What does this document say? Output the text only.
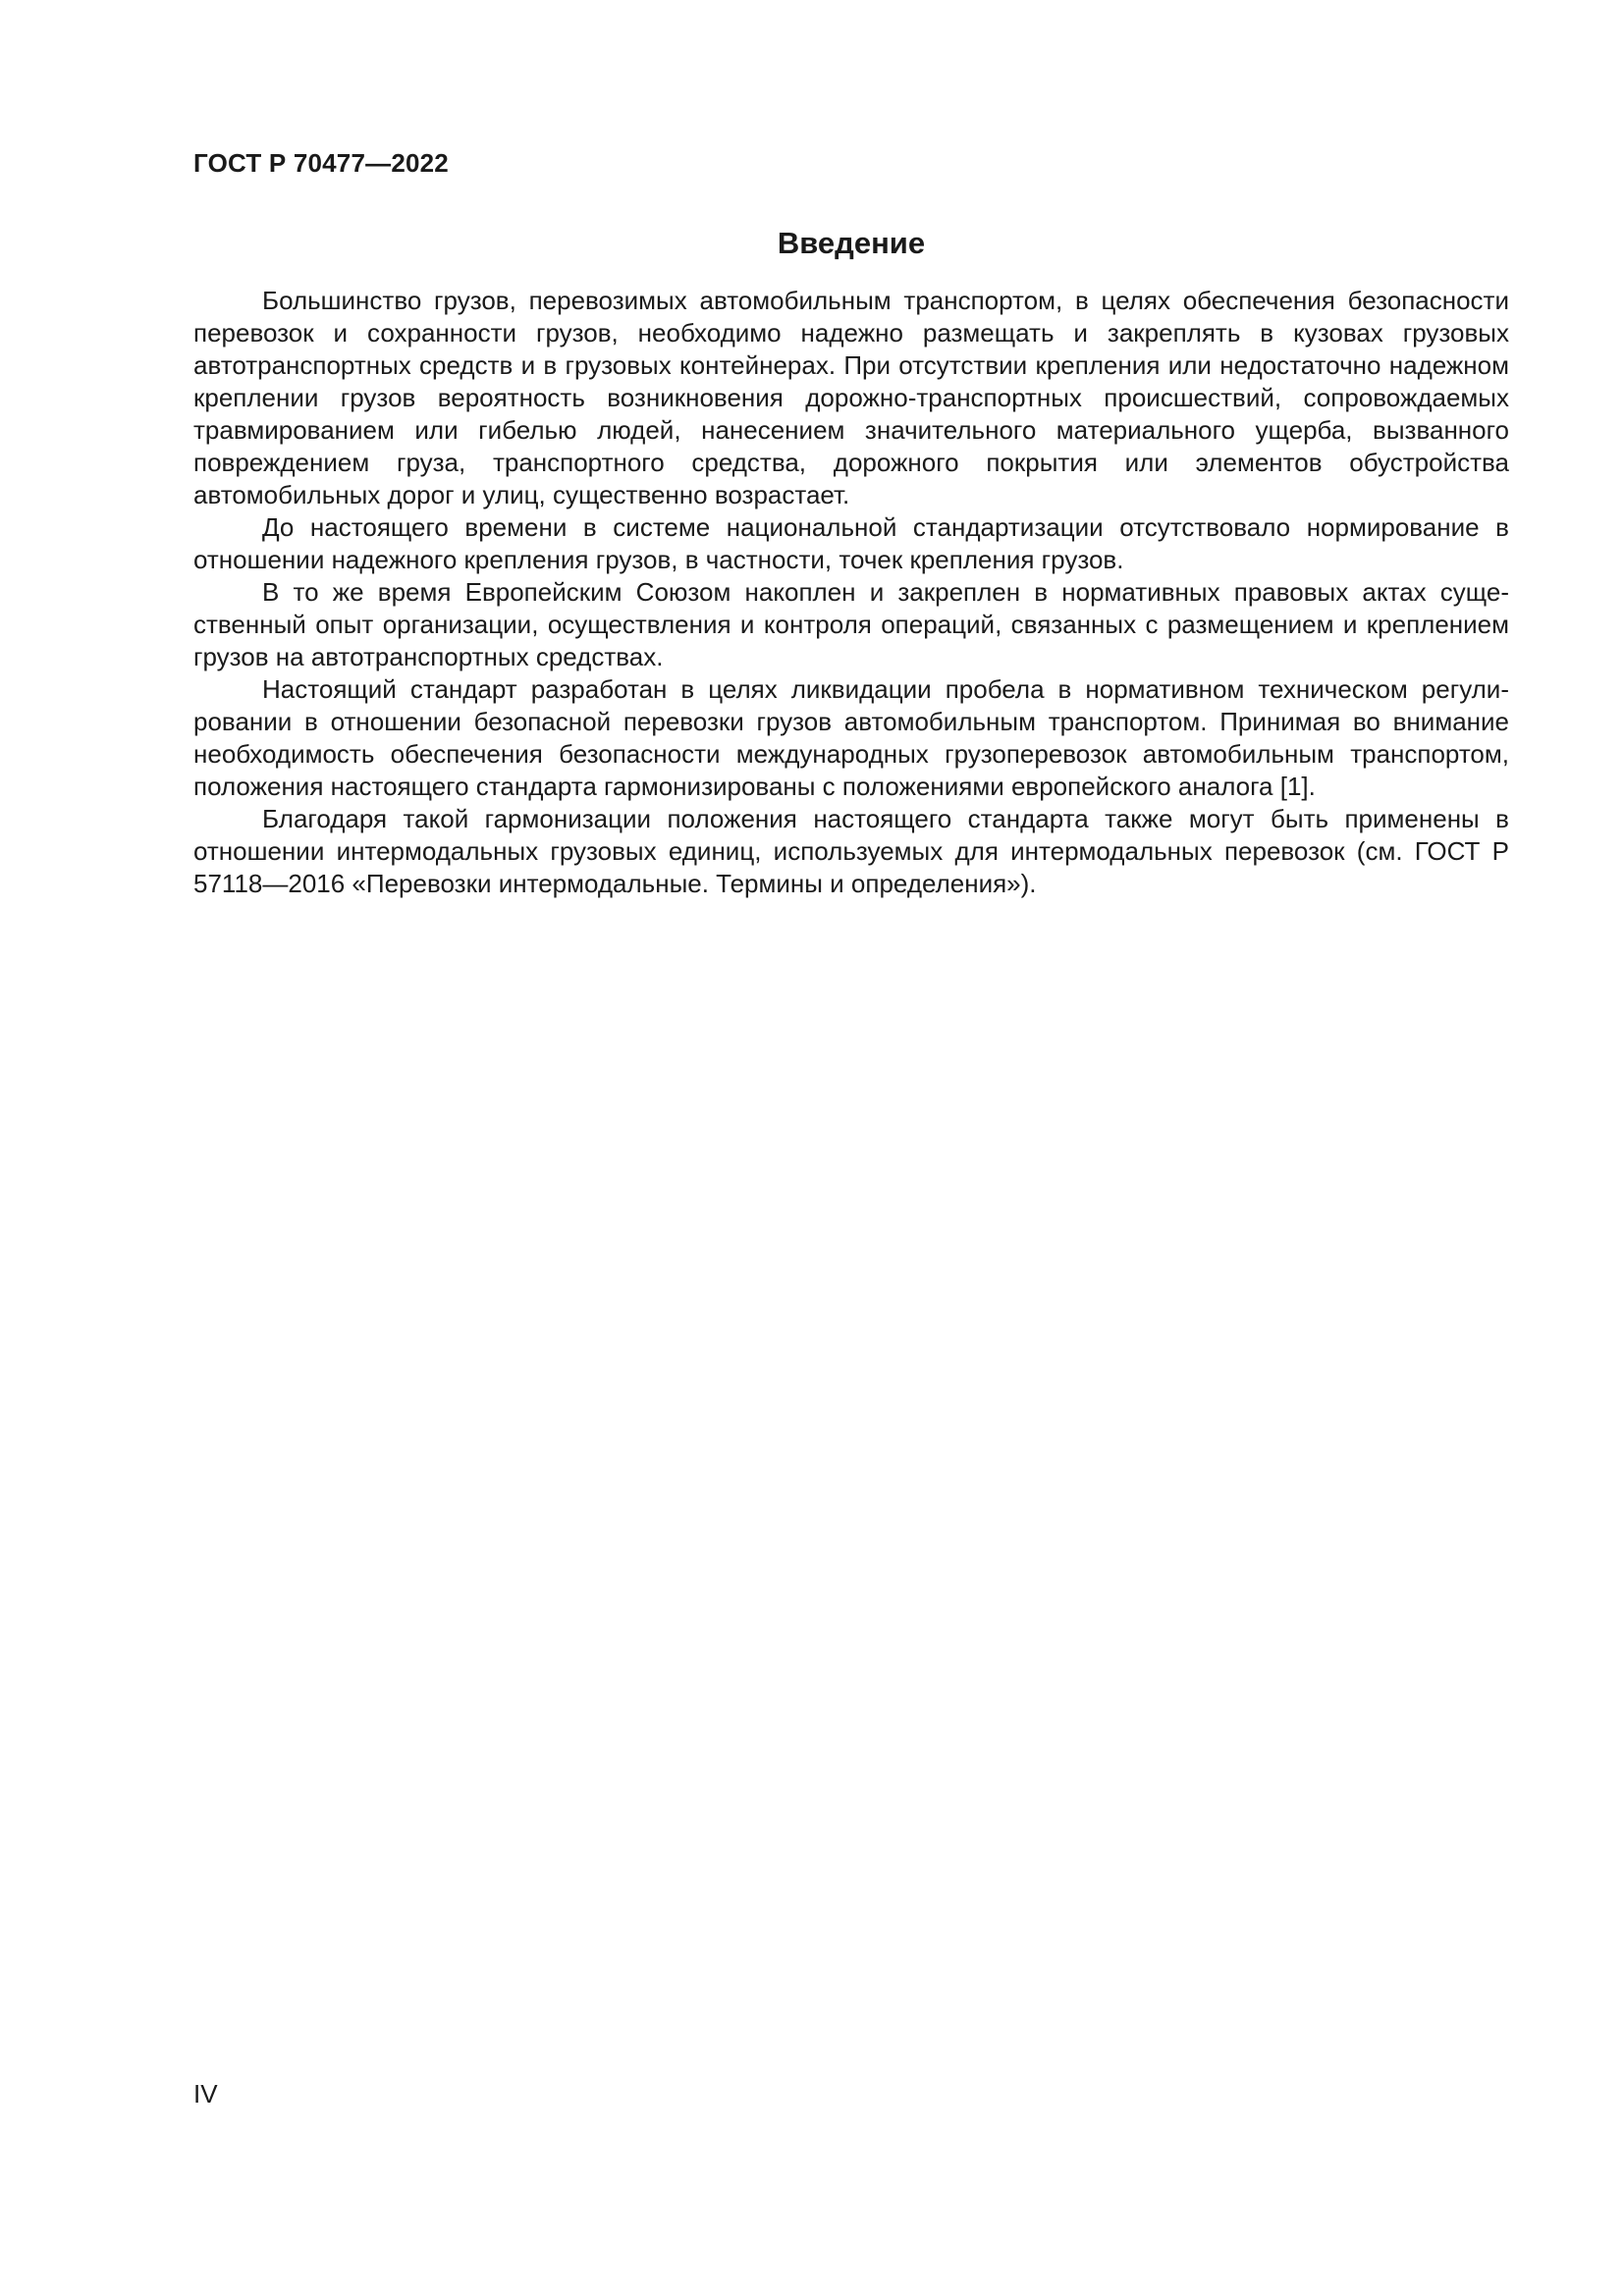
ГОСТ Р 70477—2022
Введение

Большинство грузов, перевозимых автомобильным транспортом, в целях обеспечения безопасности перевозок и сохранности грузов, необходимо надежно размещать и закреплять в кузовах грузовых автотранспортных средств и в грузовых контейнерах. При отсутствии крепления или недостаточно надежном креплении грузов вероятность возникновения дорожно-транспортных происшествий, сопровождаемых травмированием или гибелью людей, нанесением значительного материального ущерба, вызванного повреждением груза, транспортного средства, дорожного покрытия или элементов обустройства автомобильных дорог и улиц, существенно возрастает.

До настоящего времени в системе национальной стандартизации отсутствовало нормирование в отношении надежного крепления грузов, в частности, точек крепления грузов.

В то же время Европейским Союзом накоплен и закреплен в нормативных правовых актах существенный опыт организации, осуществления и контроля операций, связанных с размещением и креплением грузов на автотранспортных средствах.

Настоящий стандарт разработан в целях ликвидации пробела в нормативном техническом регулировании в отношении безопасной перевозки грузов автомобильным транспортом. Принимая во внимание необходимость обеспечения безопасности международных грузоперевозок автомобильным транспортом, положения настоящего стандарта гармонизированы с положениями европейского аналога [1].

Благодаря такой гармонизации положения настоящего стандарта также могут быть применены в отношении интермодальных грузовых единиц, используемых для интермодальных перевозок (см. ГОСТ Р 57118—2016 «Перевозки интермодальные. Термины и определения»).

IV
